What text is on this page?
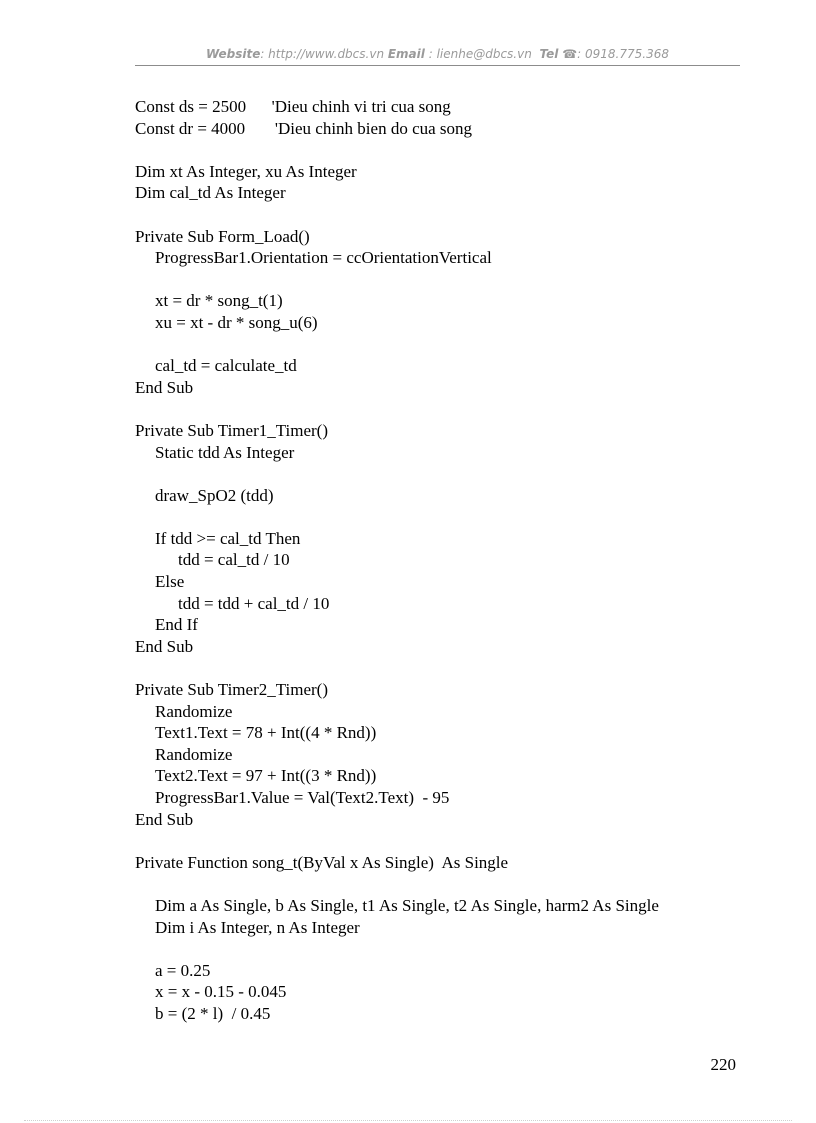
Website: http://www.dbcs.vn Email : lienhe@dbcs.vn  Tel ☎: 0918.775.368
Const ds = 2500      'Dieu chinh vi tri cua song
Const dr = 4000       'Dieu chinh bien do cua song
Dim xt As Integer, xu As Integer
Dim cal_td As Integer
Private Sub Form_Load()
ProgressBar1.Orientation = ccOrientationVertical
xt = dr * song_t(1)
xu = xt - dr * song_u(6)
cal_td = calculate_td
End Sub
Private Sub Timer1_Timer()
Static tdd As Integer
draw_SpO2 (tdd)
If tdd >= cal_td Then
tdd = cal_td / 10
Else
tdd = tdd + cal_td / 10
End If
End Sub
Private Sub Timer2_Timer()
Randomize
Text1.Text = 78 + Int((4 * Rnd))
Randomize
Text2.Text = 97 + Int((3 * Rnd))
ProgressBar1.Value = Val(Text2.Text)  - 95
End Sub
Private Function song_t(ByVal x As Single)  As Single
Dim a As Single, b As Single, t1 As Single, t2 As Single, harm2 As Single
Dim i As Integer, n As Integer
a = 0.25
x = x - 0.15 - 0.045
b = (2 * l)  / 0.45
220
